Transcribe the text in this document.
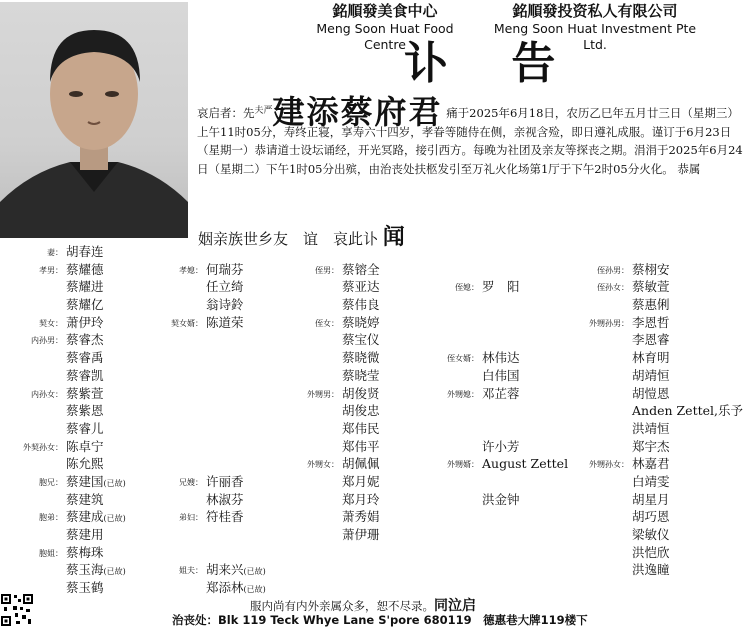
銘順發美食中心
Meng Soon Huat Food Centre
銘順發投资私人有限公司
Meng Soon Huat Investment Pte Ltd.
讣 告
哀启者：先$^{夫严}$建添蔡府君 痛于2025年6月18日，农历乙巳年五月廿三日（星期三）上午11时05分，寿终正寝，享寿六十四岁，孝眷等随侍在侧，亲视含殓，即日遵礼成服。谨订于6月23日（星期一）恭请道士设坛诵经，开光冥路，接引西方。每晚为社团及亲友等探丧之期。涓涓于2025年6月24日（星期二）下午1时05分出殡，由治丧处扶柩发引至万礼火化场第1厅于下午2时05分火化。 恭属
姻亲族世乡友　谊　哀此讣 闻
妻： 胡春连
孝男： 蔡耀德
蔡耀进
蔡耀亿
契女： 萧伊玲
内孙男： 蔡睿杰
蔡睿禹
蔡睿凯
内孙女： 蔡紫萱
蔡紫恩
蔡睿儿
外契孙女： 陈卓宁
陈允熙
胞兄： 蔡建国(已故)
蔡建筑
胞弟： 蔡建成(已故)
蔡建用
胞姐： 蔡梅珠
蔡玉海(已故)
蔡玉鹤
孝媳： 何瑞芬
任立绮
翁诗鈴
契女婿： 陈道荣
兄嫂： 许丽香
林淑芬
弟妇： 符桂香
姐夫： 胡来兴(已故)
郑添林(已故)
侄男： 蔡镕全
蔡亚达
蔡伟良
侄女： 蔡晓婷
蔡宝仪
蔡晓微
蔡晓莹
外甥男： 胡俊贤
胡俊忠
郑伟民
郑伟平
外甥女： 胡佩佩
郑月妮
郑月玲
萧秀娟
萧伊珊
侄媳： 罗　阳
侄女婿： 林伟达
白伟国
外甥媳： 邓芷蓉
许小芳
外甥婿： August Zettel
洪金钟
侄孙男： 蔡栩安
侄孙女： 蔡敏萱
蔡惠俐
外甥孙男： 李恩哲
李恩睿
林育明
胡靖恒
胡愷恩
Anden Zettel,乐予
洪靖恒
郑宇杰
外甥孙女： 林嘉君
白靖雯
胡星月
胡巧恩
梁敏仪
洪恺欣
洪逸瞳
服内尚有内外亲属众多，恕不尽录。同泣启
治丧处：Blk 119 Teck Whye Lane S'pore 680119　德惠巷大牌119楼下
